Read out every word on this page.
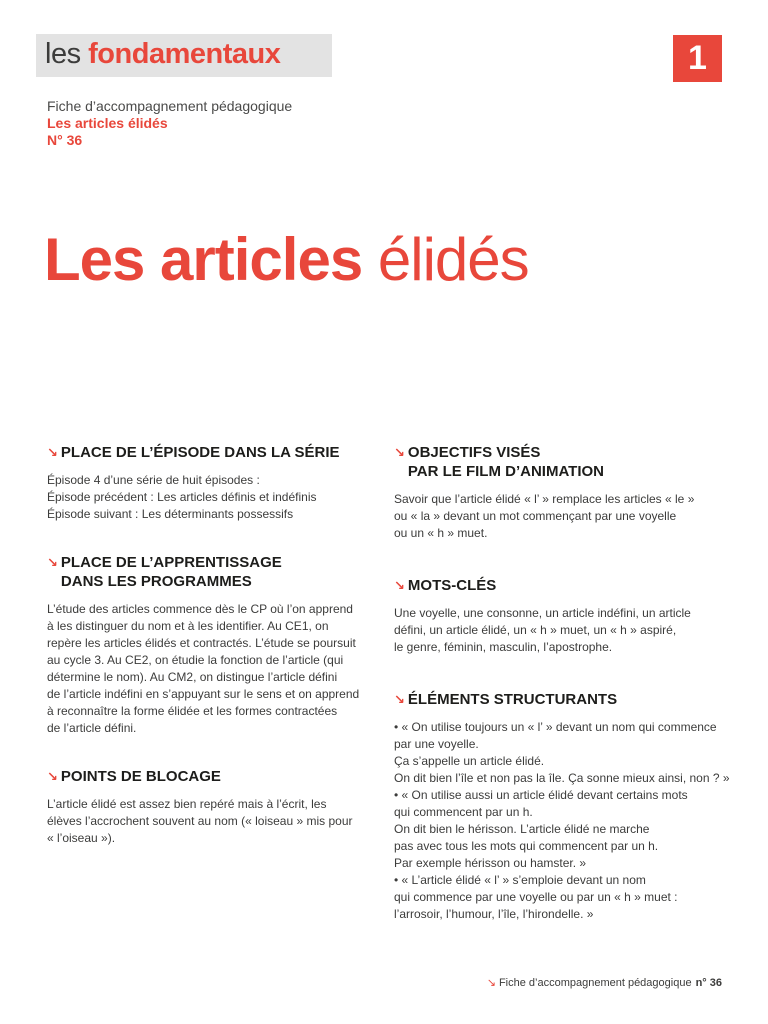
les fondamentaux	1
Fiche d’accompagnement pédagogique
Les articles élidés
N° 36
Les articles élidés
↘ PLACE DE L’ÉPISODE DANS LA SÉRIE
Épisode 4 d’une série de huit épisodes :
Épisode précédent : Les articles définis et indéfinis
Épisode suivant : Les déterminants possessifs
↘ PLACE DE L’APPRENTISSAGE
DANS LES PROGRAMMES
L’étude des articles commence dès le CP où l’on apprend
à les distinguer du nom et à les identifier. Au CE1, on
repère les articles élidés et contractés. L’étude se poursuit
au cycle 3. Au CE2, on étudie la fonction de l’article (qui
détermine le nom). Au CM2, on distingue l’article défini
de l’article indéfini en s’appuyant sur le sens et on apprend
à reconnaître la forme élidée et les formes contractées
de l’article défini.
↘ POINTS DE BLOCAGE
L’article élidé est assez bien repéré mais à l’écrit, les
élèves l’accrochent souvent au nom (« loiseau » mis pour
« l’oiseau »).
↘ OBJECTIFS VISÉS
PAR LE FILM D’ANIMATION
Savoir que l’article élidé « l’ » remplace les articles « le »
ou « la » devant un mot commençant par une voyelle
ou un « h » muet.
↘ MOTS-CLÉS
Une voyelle, une consonne, un article indéfini, un article
défini, un article élidé, un « h » muet, un « h » aspiré,
le genre, féminin, masculin, l’apostrophe.
↘ ÉLÉMENTS STRUCTURANTS
• « On utilise toujours un « l’ » devant un nom qui commence
par une voyelle.
Ça s’appelle un article élidé.
On dit bien l’île et non pas la île. Ça sonne mieux ainsi, non ? »
• « On utilise aussi un article élidé devant certains mots
qui commencent par un h.
On dit bien le hérisson. L’article élidé ne marche
pas avec tous les mots qui commencent par un h.
Par exemple hérisson ou hamster. »
• « L’article élidé « l’ » s’emploie devant un nom
qui commence par une voyelle ou par un « h » muet :
l’arrosoir, l’humour, l’île, l’hirondelle. »
↘ Fiche d’accompagnement pédagogique n° 36
